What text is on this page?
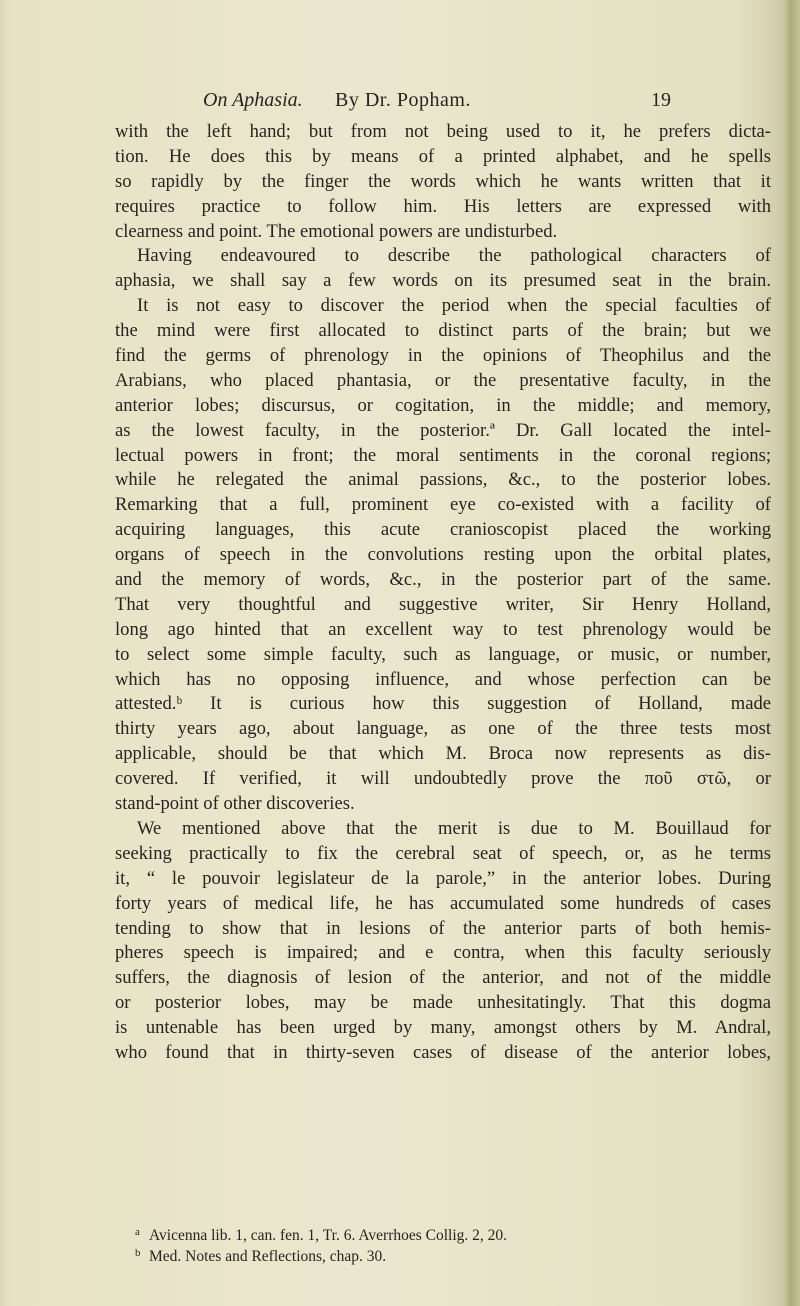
On Aphasia. By Dr. Popham.	19
with the left hand; but from not being used to it, he prefers dicta-
tion. He does this by means of a printed alphabet, and he spells
so rapidly by the finger the words which he wants written that it
requires practice to follow him. His letters are expressed with
clearness and point. The emotional powers are undisturbed.
Having endeavoured to describe the pathological characters of
aphasia, we shall say a few words on its presumed seat in the brain.
It is not easy to discover the period when the special faculties of
the mind were first allocated to distinct parts of the brain; but we
find the germs of phrenology in the opinions of Theophilus and the
Arabians, who placed phantasia, or the presentative faculty, in the
anterior lobes; discursus, or cogitation, in the middle; and memory,
as the lowest faculty, in the posterior.ª Dr. Gall located the intel-
lectual powers in front; the moral sentiments in the coronal regions;
while he relegated the animal passions, &c., to the posterior lobes.
Remarking that a full, prominent eye co-existed with a facility of
acquiring languages, this acute cranioscopist placed the working
organs of speech in the convolutions resting upon the orbital plates,
and the memory of words, &c., in the posterior part of the same.
That very thoughtful and suggestive writer, Sir Henry Holland,
long ago hinted that an excellent way to test phrenology would be
to select some simple faculty, such as language, or music, or number,
which has no opposing influence, and whose perfection can be
attested.ᵇ It is curious how this suggestion of Holland, made
thirty years ago, about language, as one of the three tests most
applicable, should be that which M. Broca now represents as dis-
covered. If verified, it will undoubtedly prove the πoῦ στῶ, or
stand-point of other discoveries.
We mentioned above that the merit is due to M. Bouillaud for
seeking practically to fix the cerebral seat of speech, or, as he terms
it, “ le pouvoir legislateur de la parole,” in the anterior lobes. During
forty years of medical life, he has accumulated some hundreds of cases
tending to show that in lesions of the anterior parts of both hemis-
pheres speech is impaired; and e contra, when this faculty seriously
suffers, the diagnosis of lesion of the anterior, and not of the middle
or posterior lobes, may be made unhesitatingly. That this dogma
is untenable has been urged by many, amongst others by M. Andral,
who found that in thirty-seven cases of disease of the anterior lobes,
a Avicenna lib. 1, can. fen. 1, Tr. 6. Averrhoes Collig. 2, 20.
b Med. Notes and Reflections, chap. 30.
